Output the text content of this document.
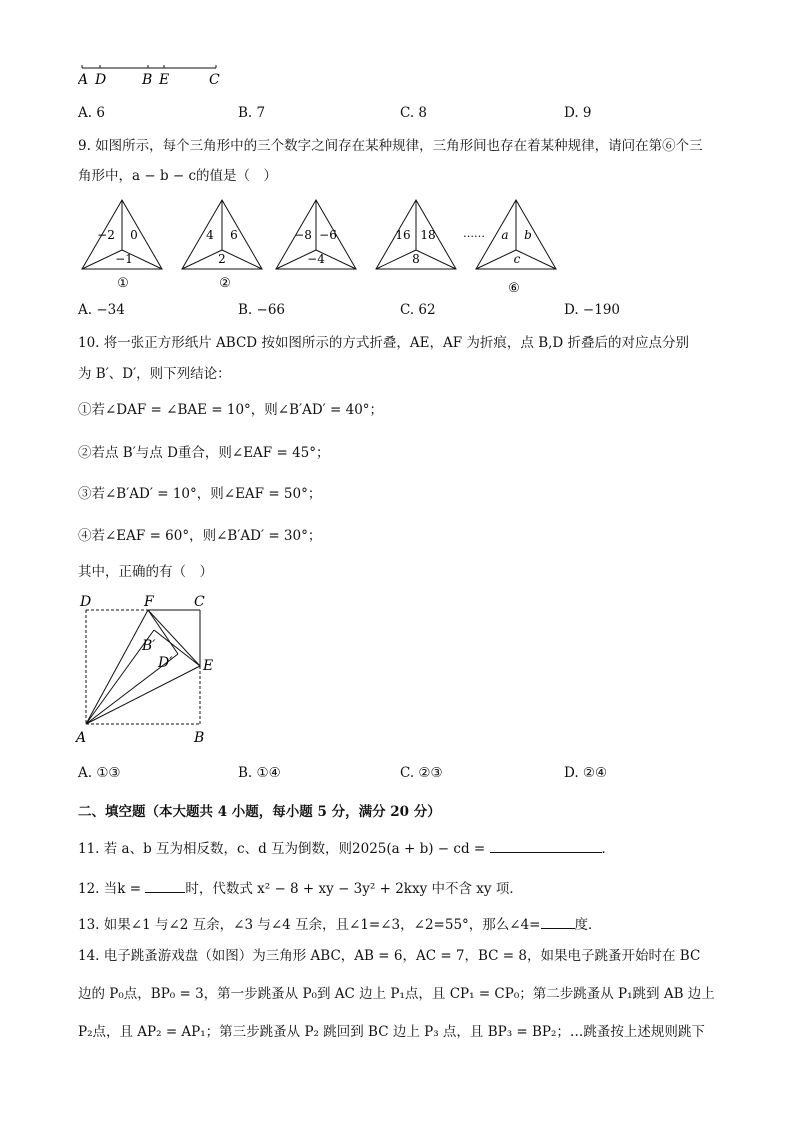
A D	B E	C
A. 6	B. 7	C. 8	D. 9
9. 如图所示，每个三角形中的三个数字之间存在某种规律，三角形间也存在着某种规律，请问在第⑥个三
角形中，a − b − c的值是（　）
−2 0
−1
①
4 6
2
②
−8 −6
−4
16 18
8
…… a b
c
⑥
A. −34	B. −66	C. 62	D. −190
10. 将一张正方形纸片 ABCD 按如图所示的方式折叠，AE，AF 为折痕，点 B,D 折叠后的对应点分别
为 B′、D′，则下列结论：
①若∠DAF = ∠BAE = 10°，则∠B′AD′ = 40°；
②若点 B′与点 D重合，则∠EAF = 45°；
③若∠B′AD′ = 10°，则∠EAF = 50°；
④若∠EAF = 60°，则∠B′AD′ = 30°；
其中，正确的有（　）
D	F	C
B′
D′ E
A	B
A. ①③	B. ①④	C. ②③	D. ②④
二、填空题（本大题共 4 小题，每小题 5 分，满分 20 分）
11. 若 a、b 互为相反数，c、d 互为倒数，则2025(a + b) − cd =	．
12. 当k =	时，代数式 x² − 8 + xy − 3y² + 2kxy 中不含 xy 项．
13. 如果∠1 与∠2 互余，∠3 与∠4 互余，且∠1=∠3，∠2=55°，那么∠4=	度．
14. 电子跳蚤游戏盘（如图）为三角形 ABC，AB = 6，AC = 7，BC = 8，如果电子跳蚤开始时在 BC
边的 P₀点，BP₀ = 3，第一步跳蚤从 P₀到 AC 边上 P₁点，且 CP₁ = CP₀；第二步跳蚤从 P₁跳到 AB 边上
P₂点，且 AP₂ = AP₁；第三步跳蚤从 P₂ 跳回到 BC 边上 P₃ 点，且 BP₃ = BP₂；…跳蚤按上述规则跳下
